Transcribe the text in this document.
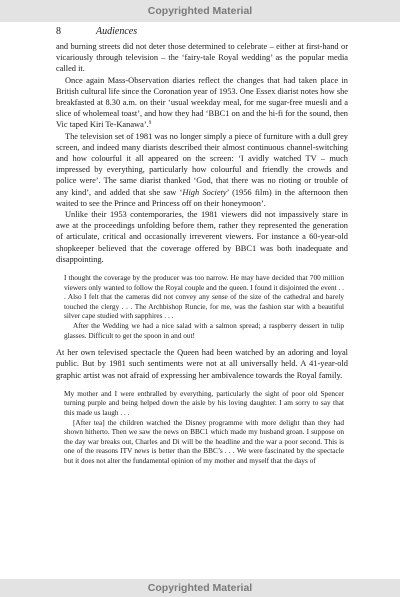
Copyrighted Material
8	Audiences

and burning streets did not deter those determined to celebrate – either at first-hand or vicariously through television – the ‘fairy-tale Royal wedding’ as the popular media called it.

Once again Mass-Observation diaries reflect the changes that had taken place in British cultural life since the Coronation year of 1953. One Essex diarist notes how she breakfasted at 8.30 a.m. on their ‘usual weekday meal, for me sugar-free muesli and a slice of wholemeal toast’, and how they had ‘BBC1 on and the hi-fi for the sound, then Vic taped Kiri Te-Kanawa’.$^9$

The television set of 1981 was no longer simply a piece of furniture with a dull grey screen, and indeed many diarists described their almost continuous channel-switching and how colourful it all appeared on the screen: ‘I avidly watched TV – much impressed by everything, particularly how colourful and friendly the crowds and police were’. The same diarist thanked ‘God, that there was no rioting or trouble of any kind’, and added that she saw ‘High Society’ (1956 film) in the afternoon then waited to see the Prince and Princess off on their honeymoon’.

Unlike their 1953 contemporaries, the 1981 viewers did not impassively stare in awe at the proceedings unfolding before them, rather they represented the generation of articulate, critical and occasionally irreverent viewers. For instance a 60-year-old shopkeeper believed that the coverage offered by BBC1 was both inadequate and disappointing.

I thought the coverage by the producer was too narrow. He may have decided that 700 million viewers only wanted to follow the Royal couple and the queen. I found it disjointed the event . . . Also I felt that the cameras did not convey any sense of the size of the cathedral and barely touched the clergy . . . The Archbishop Runcie, for me, was the fashion star with a beautiful silver cape studied with sapphires . . .

After the Wedding we had a nice salad with a salmon spread; a raspberry dessert in tulip glasses. Difficult to get the spoon in and out!

At her own televised spectacle the Queen had been watched by an adoring and loyal public. But by 1981 such sentiments were not at all universally held. A 41-year-old graphic artist was not afraid of expressing her ambivalence towards the Royal family.

My mother and I were enthralled by everything, particularly the sight of poor old Spencer turning purple and being helped down the aisle by his loving daughter. I am sorry to say that this made us laugh . . .

[After tea] the children watched the Disney programme with more delight than they had shown hitherto. Then we saw the news on BBC1 which made my husband groan. I suppose on the day war breaks out, Charles and Di will be the headline and the war a poor second. This is one of the reasons ITV news is better than the BBC’s . . . We were fascinated by the spectacle but it does not alter the fundamental opinion of my mother and myself that the days of

Copyrighted Material
